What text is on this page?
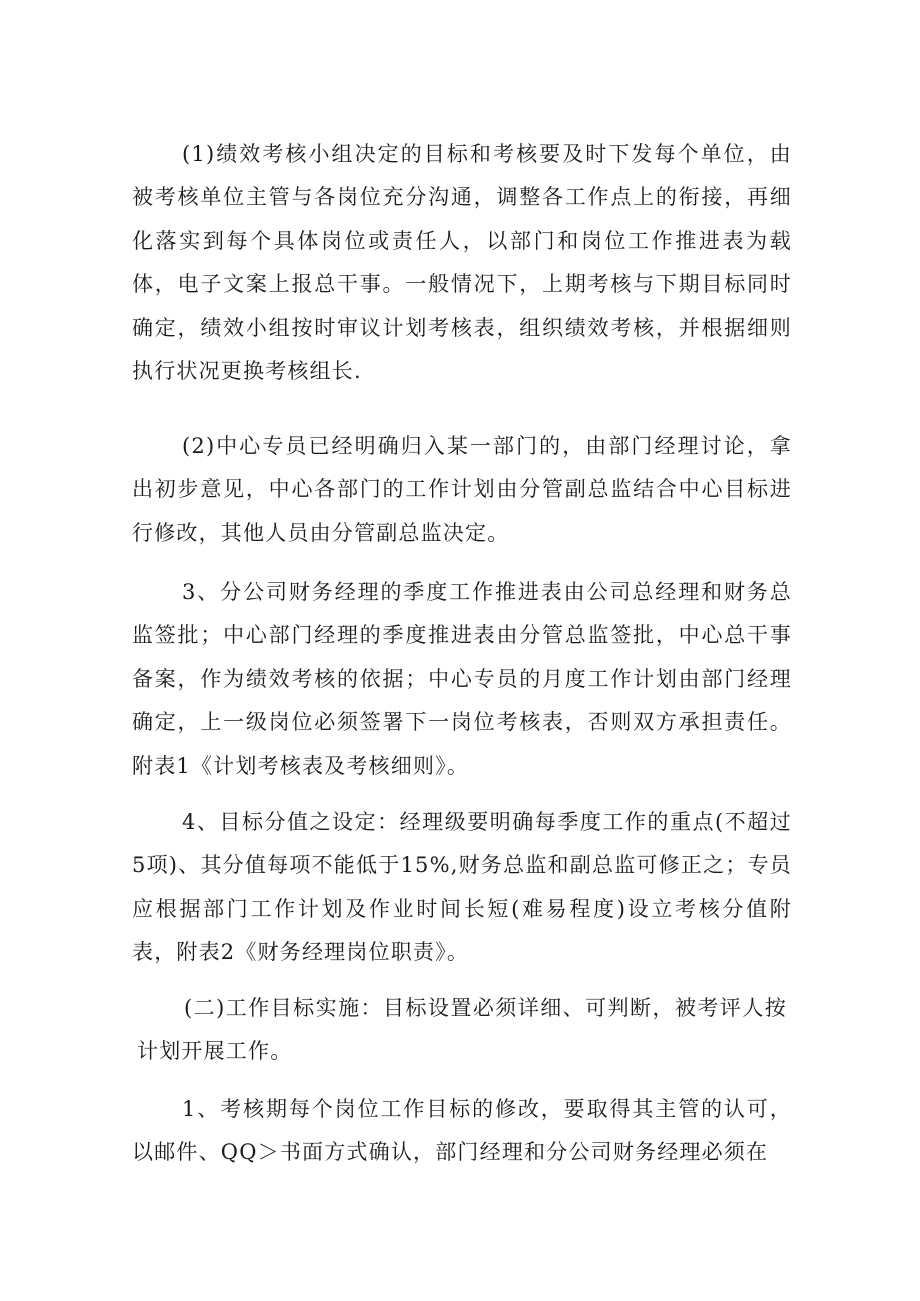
(1)绩效考核小组决定的目标和考核要及时下发每个单位，由被考核单位主管与各岗位充分沟通，调整各工作点上的衔接，再细化落实到每个具体岗位或责任人，以部门和岗位工作推进表为载体，电子文案上报总干事。一般情况下，上期考核与下期目标同时确定，绩效小组按时审议计划考核表，组织绩效考核，并根据细则执行状况更换考核组长.

(2)中心专员已经明确归入某一部门的，由部门经理讨论，拿出初步意见，中心各部门的工作计划由分管副总监结合中心目标进行修改，其他人员由分管副总监决定。

3、分公司财务经理的季度工作推进表由公司总经理和财务总监签批；中心部门经理的季度推进表由分管总监签批，中心总干事备案，作为绩效考核的依据；中心专员的月度工作计划由部门经理确定，上一级岗位必须签署下一岗位考核表，否则双方承担责任。附表1《计划考核表及考核细则》。

4、目标分值之设定：经理级要明确每季度工作的重点(不超过5项)、其分值每项不能低于15%,财务总监和副总监可修正之；专员应根据部门工作计划及作业时间长短(难易程度)设立考核分值附表，附表2《财务经理岗位职责》。

(二)工作目标实施：目标设置必须详细、可判断，被考评人按计划开展工作。

1、考核期每个岗位工作目标的修改，要取得其主管的认可，以邮件、QQ＞书面方式确认，部门经理和分公司财务经理必须在
